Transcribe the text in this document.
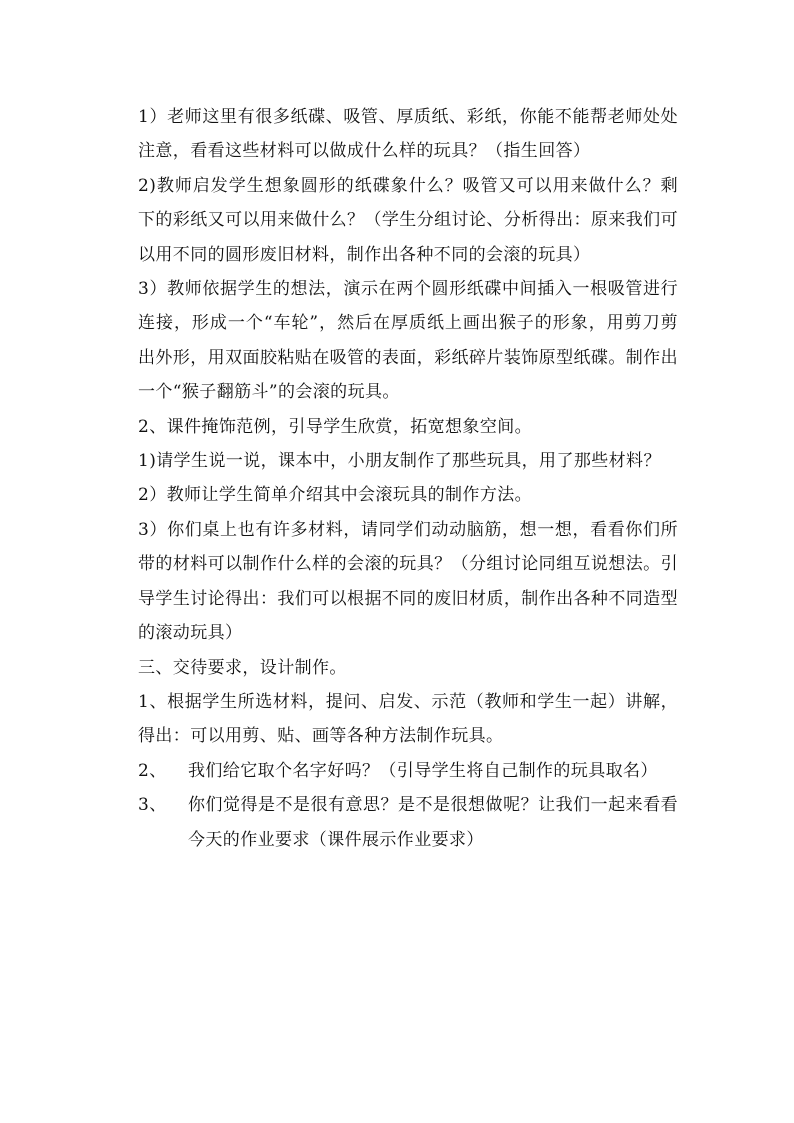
1）老师这里有很多纸碟、吸管、厚质纸、彩纸，你能不能帮老师处处注意，看看这些材料可以做成什么样的玩具？（指生回答）

2)教师启发学生想象圆形的纸碟象什么？吸管又可以用来做什么？剩下的彩纸又可以用来做什么？（学生分组讨论、分析得出：原来我们可以用不同的圆形废旧材料，制作出各种不同的会滚的玩具）

3）教师依据学生的想法，演示在两个圆形纸碟中间插入一根吸管进行连接，形成一个“车轮”，然后在厚质纸上画出猴子的形象，用剪刀剪出外形，用双面胶粘贴在吸管的表面，彩纸碎片装饰原型纸碟。制作出一个“猴子翻筋斗”的会滚的玩具。

2、课件掩饰范例，引导学生欣赏，拓宽想象空间。

1)请学生说一说，课本中，小朋友制作了那些玩具，用了那些材料？

2）教师让学生简单介绍其中会滚玩具的制作方法。

3）你们桌上也有许多材料，请同学们动动脑筋，想一想，看看你们所带的材料可以制作什么样的会滚的玩具？（分组讨论同组互说想法。引导学生讨论得出：我们可以根据不同的废旧材质，制作出各种不同造型的滚动玩具）

三、交待要求，设计制作。

1、根据学生所选材料，提问、启发、示范（教师和学生一起）讲解，得出：可以用剪、贴、画等各种方法制作玩具。

2、	我们给它取个名字好吗？（引导学生将自己制作的玩具取名）
3、	你们觉得是不是很有意思？是不是很想做呢？让我们一起来看看今天的作业要求（课件展示作业要求）
